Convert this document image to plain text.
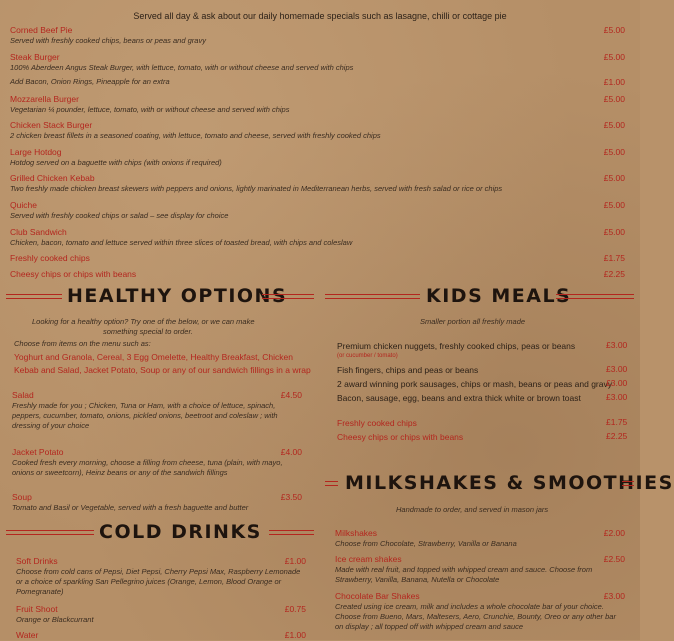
Served all day & ask about our daily homemade specials such as lasagne, chilli or cottage pie
Corned Beef Pie
Served with freshly cooked chips, beans or peas and gravy
£5.00
Steak Burger
100% Aberdeen Angus Steak Burger, with lettuce, tomato, with or without cheese and served with chips
£5.00
Add Bacon, Onion Rings, Pineapple for an extra	£1.00
Mozzarella Burger
Vegetarian ¼ pounder, lettuce, tomato, with or without cheese and served with chips
£5.00
Chicken Stack Burger
2 chicken breast fillets in a seasoned coating, with lettuce, tomato and cheese, served with freshly cooked chips
£5.00
Large Hotdog
Hotdog served on a baguette with chips (with onions if required)
£5.00
Grilled Chicken Kebab
Two freshly made chicken breast skewers with peppers and onions, lightly marinated in Mediterranean herbs, served with fresh salad or rice or chips
£5.00
Quiche
Served with freshly cooked chips or salad – see display for choice
£5.00
Club Sandwich
Chicken, bacon, tomato and lettuce served within three slices of toasted bread, with chips and coleslaw
£5.00
Freshly cooked chips	£1.75
Cheesy chips or chips with beans	£2.25
HEALTHY OPTIONS	KIDS MEALS
Looking for a healthy option? Try one of the below, or we can make
something special to order.
Choose from items on the menu such as:
Yoghurt and Granola, Cereal, 3 Egg Omelette, Healthy Breakfast, Chicken
Kebab and Salad, Jacket Potato, Soup or any of our sandwich fillings in a wrap
Salad
Freshly made for you ; Chicken, Tuna or Ham, with a choice of lettuce, spinach, peppers, cucumber, tomato, onions, pickled onions, beetroot and coleslaw ; with dressing of your choice
£4.50
Jacket Potato
Cooked fresh every morning, choose a filling from cheese, tuna (plain, with mayo, onions or sweetcorn), Heinz beans or any of the sandwich fillings
£4.00
Soup
Tomato and Basil or Vegetable, served with a fresh baguette and butter
£3.50
COLD DRINKS
Soft Drinks
Choose from cold cans of Pepsi, Diet Pepsi, Cherry Pepsi Max, Raspberry Lemonade or a choice of sparkling San Pellegrino juices (Orange, Lemon, Blood Orange or Pomegranate)
£1.00
Fruit Shoot
Orange or Blackcurrant
£0.75
Water	£1.00
Smaller portion all freshly made
Premium chicken nuggets, freshly cooked chips, peas or beans	£3.00
(or cucumber / tomato)
Fish fingers, chips and peas or beans	£3.00
2 award winning pork sausages, chips or mash, beans or peas and gravy
£3.00
Bacon, sausage, egg, beans and extra thick white or brown toast	£3.00
Freshly cooked chips	£1.75
Cheesy chips or chips with beans	£2.25
MILKSHAKES & SMOOTHIES
Handmade to order, and served in mason jars
Milkshakes
Choose from Chocolate, Strawberry, Vanilla or Banana
£2.00
Ice cream shakes
Made with real fruit, and topped with whipped cream and sauce. Choose from Strawberry, Vanilla, Banana, Nutella or Chocolate
£2.50
Chocolate Bar Shakes
Created using ice cream, milk and includes a whole chocolate bar of your choice. Choose from Bueno, Mars, Maltesers, Aero, Crunchie, Bounty, Oreo or any other bar on display ; all topped off with whipped cream and sauce
£3.00
